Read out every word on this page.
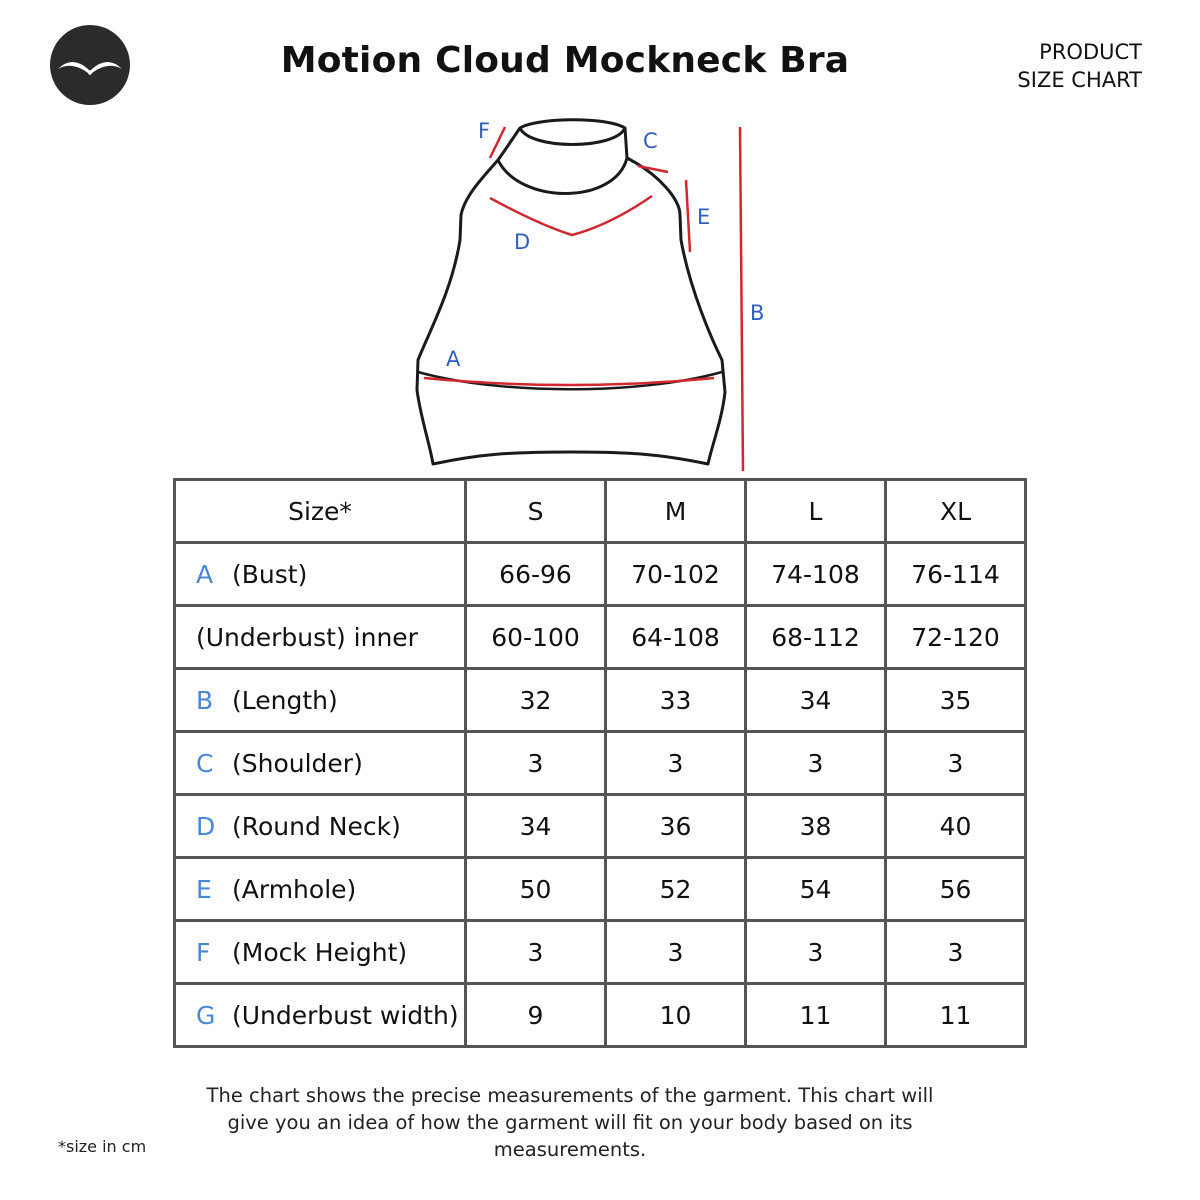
Motion Cloud Mockneck Bra	PRODUCT
SIZE CHART
A
B
C
D
E
F
Size*	S	M	L	XL
A (Bust)	66-96	70-102	74-108	76-114
(Underbust) inner	60-100	64-108	68-112	72-120
B (Length)	32	33	34	35
C (Shoulder)	3	3	3	3
D (Round Neck)	34	36	38	40
E (Armhole)	50	52	54	56
F (Mock Height)	3	3	3	3
G (Underbust width)	9	10	11	11
The chart shows the precise measurements of the garment. This chart will
give you an idea of how the garment will fit on your body based on its
measurements.
*size in cm
